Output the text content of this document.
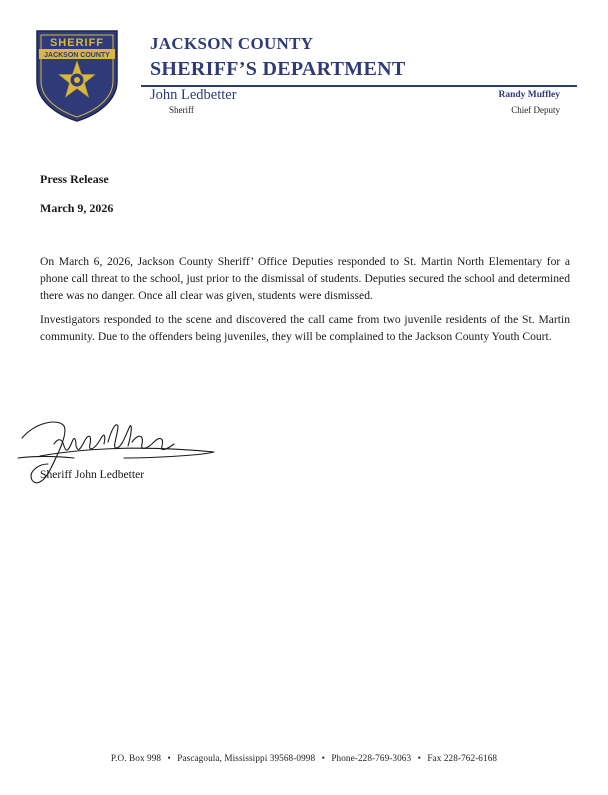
SHERIFF
JACKSON COUNTY
JACKSON COUNTY
SHERIFF’S DEPARTMENT
John Ledbetter
Sheriff
Randy Muffley
Chief Deputy
Press Release
March 9, 2026
On March 6, 2026, Jackson County Sheriff’ Office Deputies responded to St. Martin North Elementary for a phone call threat to the school, just prior to the dismissal of students. Deputies secured the school and determined there was no danger. Once all clear was given, students were dismissed.
Investigators responded to the scene and discovered the call came from two juvenile residents of the St. Martin community. Due to the offenders being juveniles, they will be complained to the Jackson County Youth Court.
Sheriff John Ledbetter
P.O. Box 998 • Pascagoula, Mississippi 39568-0998 • Phone-228-769-3063 • Fax 228-762-6168
